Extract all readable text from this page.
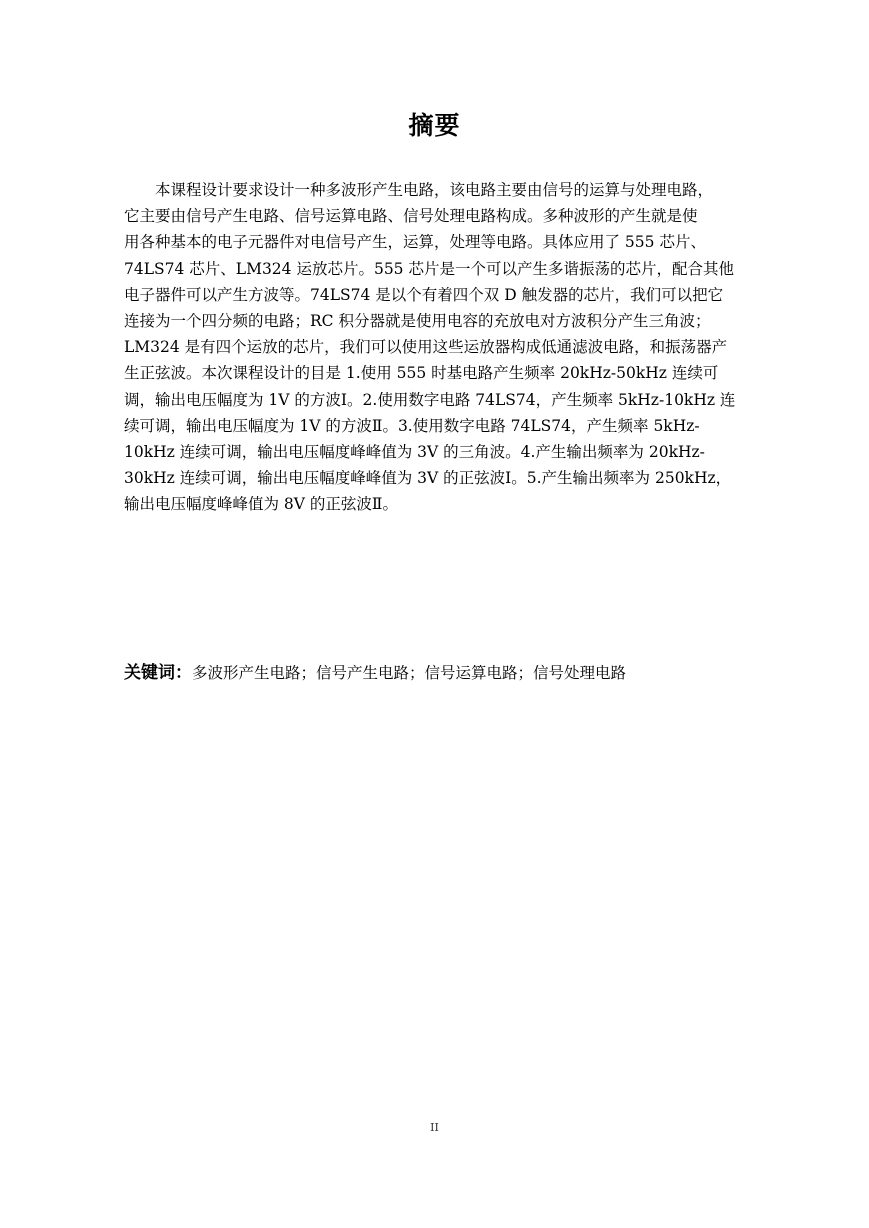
摘要
　　本课程设计要求设计一种多波形产生电路，该电路主要由信号的运算与处理电路，
它主要由信号产生电路、信号运算电路、信号处理电路构成。多种波形的产生就是使
用各种基本的电子元器件对电信号产生，运算，处理等电路。具体应用了 555 芯片、
74LS74 芯片、LM324 运放芯片。555 芯片是一个可以产生多谐振荡的芯片，配合其他
电子器件可以产生方波等。74LS74 是以个有着四个双 D 触发器的芯片，我们可以把它
连接为一个四分频的电路；RC 积分器就是使用电容的充放电对方波积分产生三角波；
LM324 是有四个运放的芯片，我们可以使用这些运放器构成低通滤波电路，和振荡器产
生正弦波。本次课程设计的目是 1.使用 555 时基电路产生频率 20kHz-50kHz 连续可
调，输出电压幅度为 1V 的方波Ⅰ。2.使用数字电路 74LS74，产生频率 5kHz-10kHz 连
续可调，输出电压幅度为 1V 的方波Ⅱ。3.使用数字电路 74LS74，产生频率 5kHz-
10kHz 连续可调，输出电压幅度峰峰值为 3V 的三角波。4.产生输出频率为 20kHz-
30kHz 连续可调，输出电压幅度峰峰值为 3V 的正弦波Ⅰ。5.产生输出频率为 250kHz，
输出电压幅度峰峰值为 8V 的正弦波Ⅱ。
关键词：多波形产生电路；信号产生电路；信号运算电路；信号处理电路
II
